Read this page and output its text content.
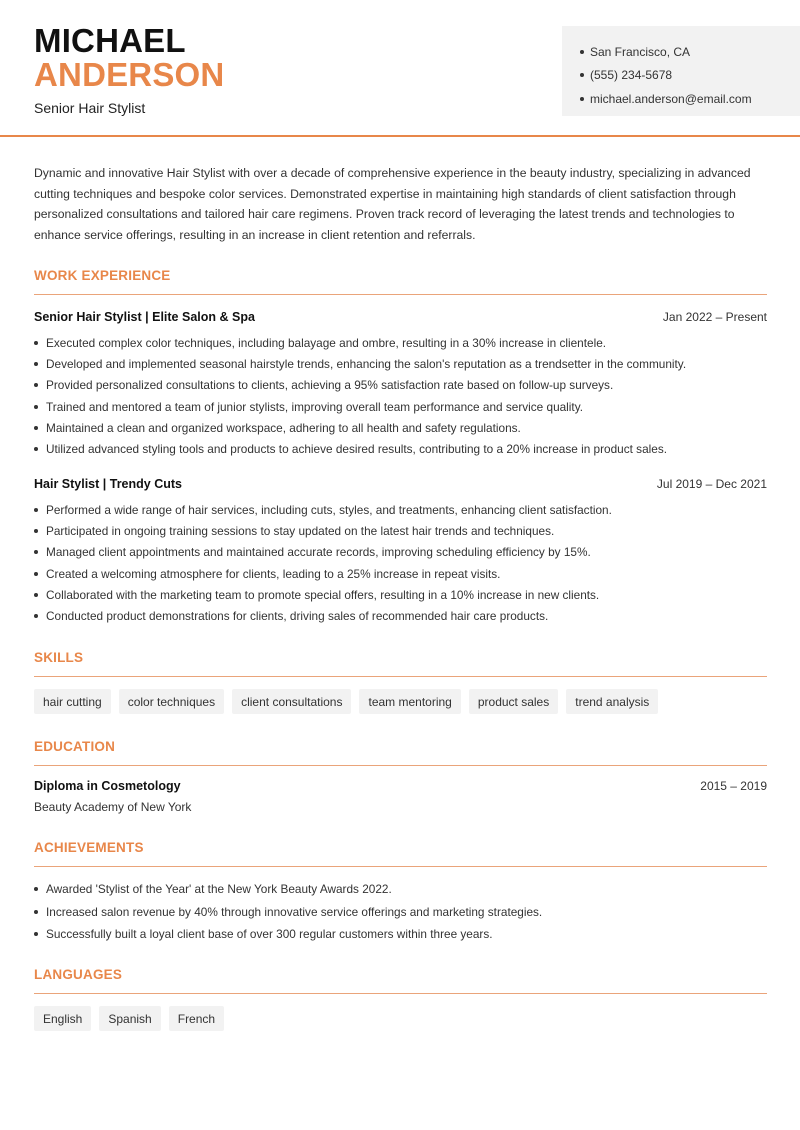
MICHAEL
ANDERSON
Senior Hair Stylist
San Francisco, CA
(555) 234-5678
michael.anderson@email.com
Dynamic and innovative Hair Stylist with over a decade of comprehensive experience in the beauty industry, specializing in advanced cutting techniques and bespoke color services. Demonstrated expertise in maintaining high standards of client satisfaction through personalized consultations and tailored hair care regimens. Proven track record of leveraging the latest trends and technologies to enhance service offerings, resulting in an increase in client retention and referrals.
WORK EXPERIENCE
Senior Hair Stylist | Elite Salon & Spa	Jan 2022 – Present
Executed complex color techniques, including balayage and ombre, resulting in a 30% increase in clientele.
Developed and implemented seasonal hairstyle trends, enhancing the salon's reputation as a trendsetter in the community.
Provided personalized consultations to clients, achieving a 95% satisfaction rate based on follow-up surveys.
Trained and mentored a team of junior stylists, improving overall team performance and service quality.
Maintained a clean and organized workspace, adhering to all health and safety regulations.
Utilized advanced styling tools and products to achieve desired results, contributing to a 20% increase in product sales.
Hair Stylist | Trendy Cuts	Jul 2019 – Dec 2021
Performed a wide range of hair services, including cuts, styles, and treatments, enhancing client satisfaction.
Participated in ongoing training sessions to stay updated on the latest hair trends and techniques.
Managed client appointments and maintained accurate records, improving scheduling efficiency by 15%.
Created a welcoming atmosphere for clients, leading to a 25% increase in repeat visits.
Collaborated with the marketing team to promote special offers, resulting in a 10% increase in new clients.
Conducted product demonstrations for clients, driving sales of recommended hair care products.
SKILLS
hair cutting	color techniques	client consultations	team mentoring	product sales	trend analysis
EDUCATION
Diploma in Cosmetology	2015 – 2019
Beauty Academy of New York
ACHIEVEMENTS
Awarded 'Stylist of the Year' at the New York Beauty Awards 2022.
Increased salon revenue by 40% through innovative service offerings and marketing strategies.
Successfully built a loyal client base of over 300 regular customers within three years.
LANGUAGES
English	Spanish	French
